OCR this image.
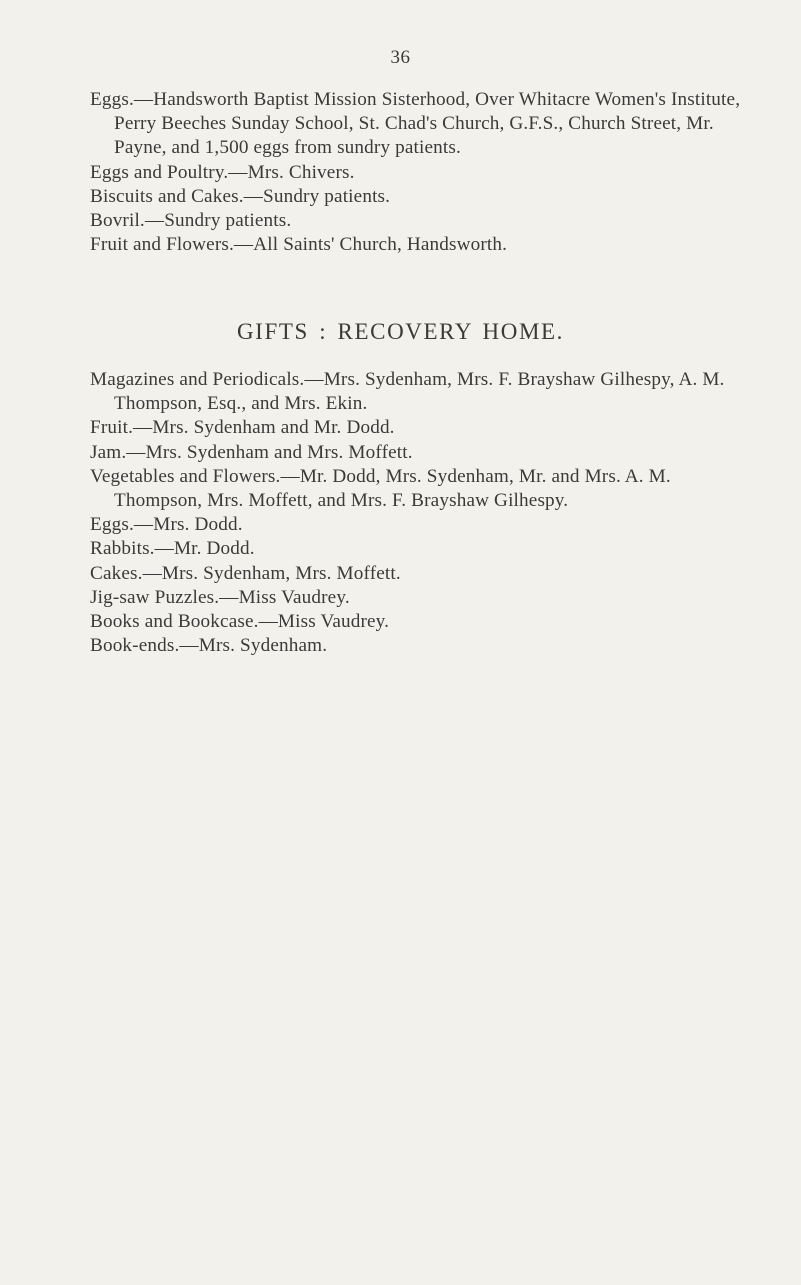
36

Eggs.—Handsworth Baptist Mission Sisterhood, Over Whitacre Women's Institute, Perry Beeches Sunday School, St. Chad's Church, G.F.S., Church Street, Mr. Payne, and 1,500 eggs from sundry patients.

Eggs and Poultry.—Mrs. Chivers.

Biscuits and Cakes.—Sundry patients.

Bovril.—Sundry patients.

Fruit and Flowers.—All Saints' Church, Handsworth.

GIFTS : RECOVERY HOME.

Magazines and Periodicals.—Mrs. Sydenham, Mrs. F. Brayshaw Gilhespy, A. M. Thompson, Esq., and Mrs. Ekin.

Fruit.—Mrs. Sydenham and Mr. Dodd.

Jam.—Mrs. Sydenham and Mrs. Moffett.

Vegetables and Flowers.—Mr. Dodd, Mrs. Sydenham, Mr. and Mrs. A. M. Thompson, Mrs. Moffett, and Mrs. F. Brayshaw Gilhespy.

Eggs.—Mrs. Dodd.

Rabbits.—Mr. Dodd.

Cakes.—Mrs. Sydenham, Mrs. Moffett.

Jig-saw Puzzles.—Miss Vaudrey.

Books and Bookcase.—Miss Vaudrey.

Book-ends.—Mrs. Sydenham.
